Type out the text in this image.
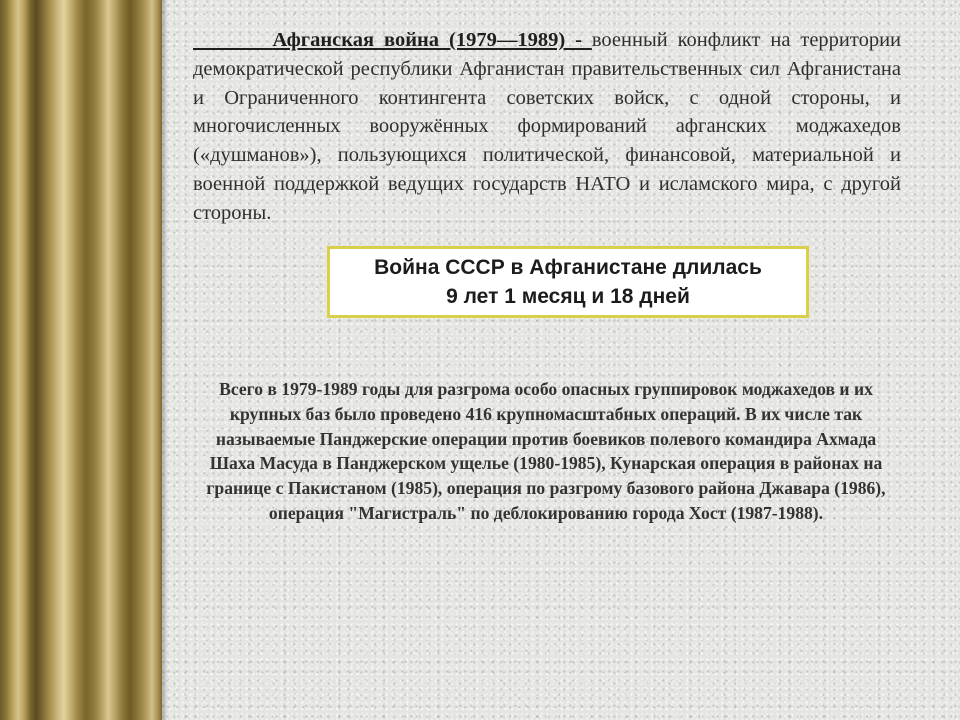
Афганская война (1979—1989) - военный конфликт на территории демократической республики Афганистан правительственных сил Афганистана и Ограниченного контингента советских войск, с одной стороны, и многочисленных вооружённых формирований афганских моджахедов («душманов»), пользующихся политической, финансовой, материальной и военной поддержкой ведущих государств НАТО и исламского мира, с другой стороны.

Война СССР в Афганистане длилась
9 лет 1 месяц и 18 дней

Всего в 1979-1989 годы для разгрома особо опасных группировок моджахедов и их крупных баз было проведено 416 крупномасштабных операций. В их числе так называемые Панджерские операции против боевиков полевого командира Ахмада Шаха Масуда в Панджерском ущелье (1980-1985), Кунарская операция в районах на границе с Пакистаном (1985), операция по разгрому базового района Джавара (1986), операция "Магистраль" по деблокированию города Хост (1987-1988).
